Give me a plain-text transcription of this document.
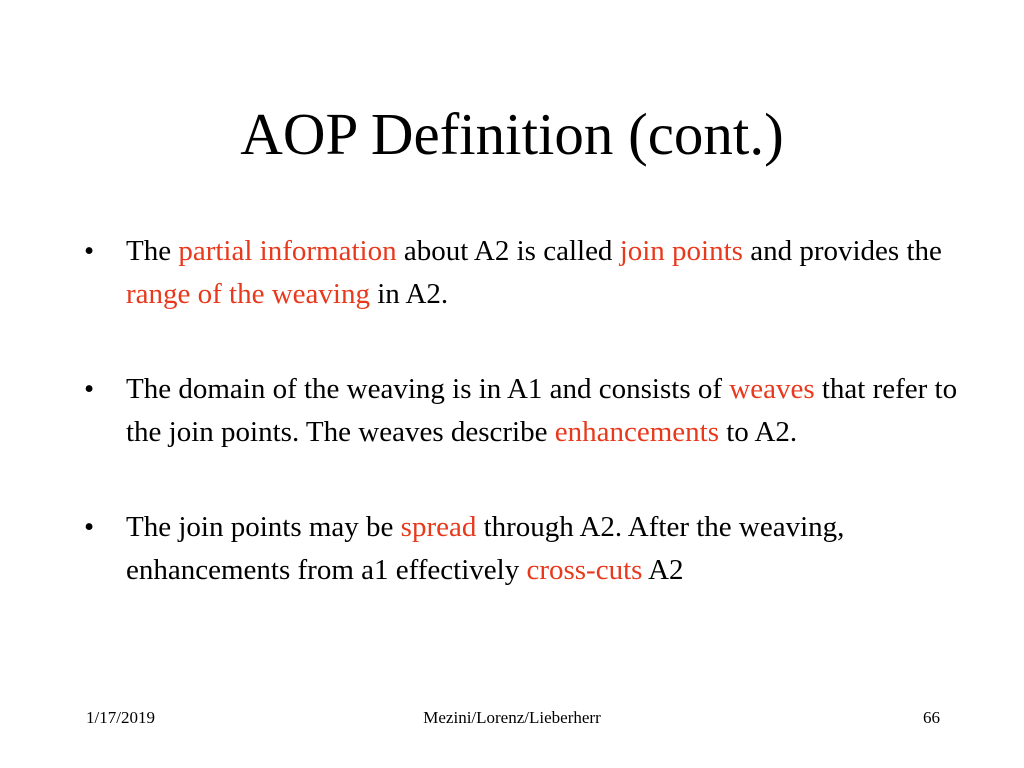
AOP Definition (cont.)
•	The partial information about A2 is called join points and provides the range of the weaving in A2.
•	The domain of the weaving is in A1 and consists of weaves that refer to the join points. The weaves describe enhancements to A2.
•	The join points may be spread through A2. After the weaving, enhancements from a1 effectively cross-cuts A2
1/17/2019	Mezini/Lorenz/Lieberherr	66
